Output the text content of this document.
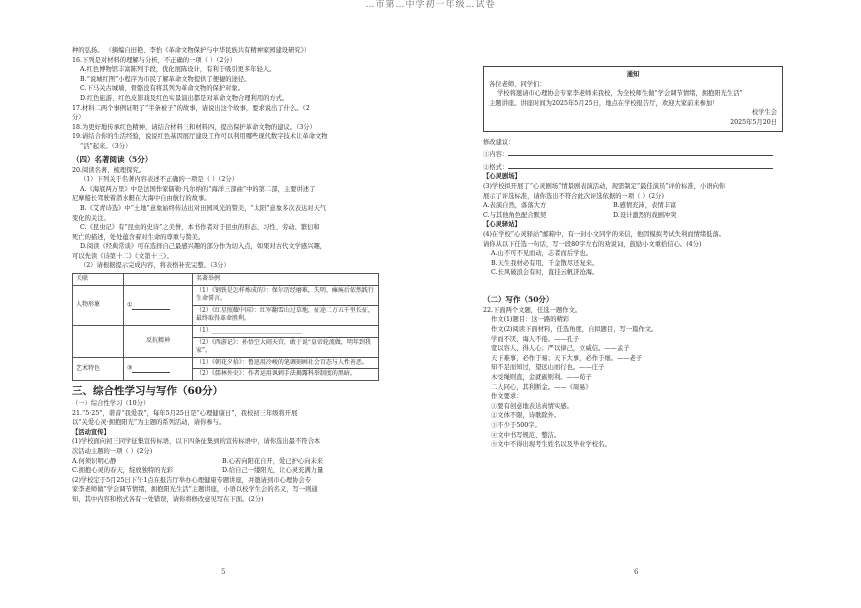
…市第…中学初一年级…试卷
种的弘扬。 （摘编自田艳、李怡《革命文物保护与中华民族共有精神家园建设研究》）
16.下列是对材料的理解与分析，不正确的一项（ ）（2分）
A.红色博物馆丰富陈列手段，优化展陈设计，有利于吸引更多年轻人。
B.“说城红图”小程序为市民了解革命文物提供了便捷的途径。
C.下马关古城墙、骨骼没有将其列为革命文物的保护对象。
D.红色旅游、红色皮影戏及红色实景演出都是对革命文物合理利用的方式。
17.材料二两个事例证明了“半条被子”的故事，请说出这个故事，要求说出了什么。（2
分）
18.为更好地传承红色精神，请结合材料三和材料四，提出保护革命文物的建议。（3分）
19.请结合你的生活经验，说说红色基因展厅建设工作可以利用哪些现代数字技术让革命文物
“活”起来。（3分）
（四）名著阅读（5分）
20.阅读名著，梳理探究。
（1）下列关于名著内容表述不正确的一项是（ ）（2分）
A.《海底两万里》中是法国作家儒勒·凡尔纳的“海洋三部曲”中的第二部，主要讲述了
尼摩船长驾驶着潜水艇在大海中自由航行的故事。
B.《艾青诗选》中“土地”意象始终传达出对田园风光的赞美，“太阳”意象多次表达对天气
变化的关注。
C.《昆虫记》有“昆虫的史诗”之美誉，本书作者对于昆虫的形态、习性、劳动、繁衍和
死亡的描述，处处蕴含着对生命的尊重与赞美。
D.阅读《经典常谈》可在选择自己最感兴趣的部分作为切入点，如果对古代文学感兴趣，
可以先读《诗第十二》《文第十三》。
（2）请根据提示完成内容，将表格补充完整。（3分）
关联		名著举例
人物形象	①	（1）《钢铁是怎样炼成的》：保尔历经磨难，失明、瘫痪后依然践行生命誓言。
		（2）《红星照耀中国》：红军翻雪山过草地，征途二万五千里长征，最终取得革命胜利。
	反抗精神	（1）______________________________
		（2）《西游记》：孙悟空大闹天宫，敢于说“皇帝轮流做，明年到我家”。
艺术特色	③	（1）《朝花夕拾》：鲁迅用冷峻的笔调刻画社会百态与人性善恶。
		（2）《儒林外史》：作者运用讽刺手法揭露科举制度的黑暗。
三、综合性学习与写作（60分）
（一）综合性学习（10分）
21.“5·25”，谐音“我爱我”，每年5月25日是“心理健康日”，我校初三年级将开展
以“关爱心灵·拥抱阳光”为主题的系列活动，请你参与。
【活动宣传】
(1)学校面向初三同学征集宣传标语，以下四条征集到的宣传标语中，请你选出最不符合本
次活动主题的一项（ ）(2分)
A.何须识明心静	B.心若向阳花自开，爱已护心向未来
C.拥抱心灵的春天，绽放独特的光彩	D.给自己一缕阳光，让心灵充满力量
(2)学校定于5月25日下午1点在报告厅举办心理健康专题讲座，并邀请到市心理协会专
家李老师做“学会调节情绪，拥抱阳光生活”主题讲座，小语以校学生会的名义，写一则通
知，其中内容和格式各有一处错误，请你将修改意见写在下面。(2分)
5
通知
各位老师、同学们：
学校将邀请市心理协会专家李老师来我校，为全校师生做“学会调节情绪，拥抱阳光生活”
主题讲座。讲座时间为2025年5月25日，地点在学校报告厅，欢迎大家前来参加！
校学生会
2025年5月20日
修改建议：
①内容：
②格式：
【心灵剧场】
(3)学校拟开展了“心灵剧场”情景剧表演活动，现需制定“最佳演员”评价标准，小语向你
展示了评选标准，请你选出不符合此次评选依据的一项（ ）(2分)
A.表演自然，落落大方	B.感情充沛，表情丰富
C.与其他角色配合默契	D.设计激烈的戏剧冲突
【心灵驿站】
(4)在学校“心灵驿站”邮箱中，有一封小文同学的来信，他因模拟考试失利而情绪低落。
请你从以下任选一句话，写一段80字左右的劝说词，鼓励小文重拾信心。(4分)
A.山不可不见而动，志者而后学也。
B.天生我材必有用，千金散尽还复来。
C.长风破浪会有时，直挂云帆济沧海。
（二）写作（50分）
22.下面两个文题，任选一题作文。
作文(1)题目：这一路的精彩
作文(2)阅读下面材料，任选角度，自拟题目，写一篇作文。
学而不厌，诲人不倦。——孔子
宽以容人，得人心；严以律己，立威信。——孟子
天下难事，必作于易；天下大事，必作于细。——老子
知不足而知过，望远山而行也。——庄子
木受绳则直，金就砺则利。——荀子
二人同心，其利断金。——《周易》
作文要求：
①要有创意地表达真情实感。
②文体不限，诗歌除外。
③不少于500字。
④文中书写规范、整洁。
⑤文中不得出现考生姓名以及毕业学校名。
6
